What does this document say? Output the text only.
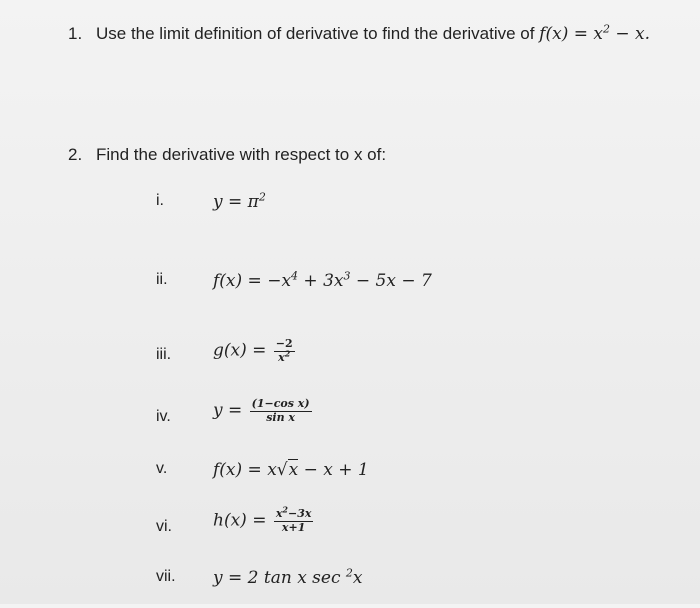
1. Use the limit definition of derivative to find the derivative of $f(x) = x^2 - x$.
2. Find the derivative with respect to x of:
i.	$y = \pi^2$
ii.	$f(x) = -x^4 + 3x^3 - 5x - 7$
iii. $g(x) = \frac{-2}{x^2}$
iv. $y = \frac{\text{(1−cos x)}}{\text{sin x}}$
v.	f(x) = x√x − x + 1
vi. $h(x) = \frac{x^2-3x}{x+1}$
vii. y = 2 tan x sec $^2$x
